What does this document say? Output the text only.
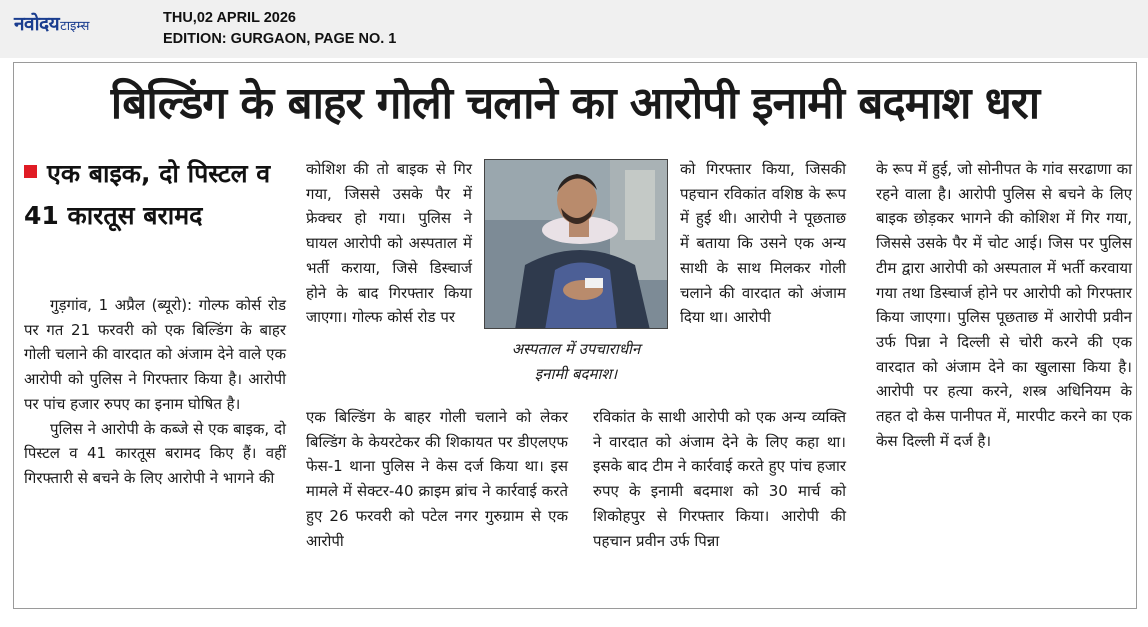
नवोदयटाइम्स
THU,02 APRIL 2026
EDITION: GURGAON, PAGE NO. 1
बिल्डिंग के बाहर गोली चलाने का आरोपी इनामी बदमाश धरा
एक बाइक, दो पिस्टल व 41 कारतूस बरामद

गुड़गांव, 1 अप्रैल (ब्यूरो): गोल्फ कोर्स रोड पर गत 21 फरवरी को एक बिल्डिंग के बाहर गोली चलाने की वारदात को अंजाम देने वाले एक आरोपी को पुलिस ने गिरफ्तार किया है। आरोपी पर पांच हजार रुपए का इनाम घोषित है।

पुलिस ने आरोपी के कब्जे से एक बाइक, दो पिस्टल व 41 कारतूस बरामद किए हैं। वहीं गिरफ्तारी से बचने के लिए आरोपी ने भागने की

कोशिश की तो बाइक से गिर गया, जिससे उसके पैर में फ्रेक्चर हो गया। पुलिस ने घायल आरोपी को अस्पताल में भर्ती कराया, जिसे डिस्चार्ज होने के बाद गिरफ्तार किया जाएगा। गोल्फ कोर्स रोड पर

अस्पताल में उपचाराधीन
इनामी बदमाश।

एक बिल्डिंग के बाहर गोली चलाने को लेकर बिल्डिंग के केयरटेकर की शिकायत पर डीएलएफ फेस-1 थाना पुलिस ने केस दर्ज किया था। इस मामले में सेक्टर-40 क्राइम ब्रांच ने कार्रवाई करते हुए 26 फरवरी को पटेल नगर गुरुग्राम से एक आरोपी

को गिरफ्तार किया, जिसकी पहचान रविकांत वशिष्ठ के रूप में हुई थी। आरोपी ने पूछताछ में बताया कि उसने एक अन्य साथी के साथ मिलकर गोली चलाने की वारदात को अंजाम दिया था। आरोपी

रविकांत के साथी आरोपी को एक अन्य व्यक्ति ने वारदात को अंजाम देने के लिए कहा था। इसके बाद टीम ने कार्रवाई करते हुए पांच हजार रुपए के इनामी बदमाश को 30 मार्च को शिकोहपुर से गिरफ्तार किया। आरोपी की पहचान प्रवीन उर्फ पिन्ना

के रूप में हुई, जो सोनीपत के गांव सरढाणा का रहने वाला है। आरोपी पुलिस से बचने के लिए बाइक छोड़कर भागने की कोशिश में गिर गया, जिससे उसके पैर में चोट आई। जिस पर पुलिस टीम द्वारा आरोपी को अस्पताल में भर्ती करवाया गया तथा डिस्चार्ज होने पर आरोपी को गिरफ्तार किया जाएगा। पुलिस पूछताछ में आरोपी प्रवीन उर्फ पिन्ना ने दिल्ली से चोरी करने की एक वारदात को अंजाम देने का खुलासा किया है। आरोपी पर हत्या करने, शस्त्र अधिनियम के तहत दो केस पानीपत में, मारपीट करने का एक केस दिल्ली में दर्ज है।
